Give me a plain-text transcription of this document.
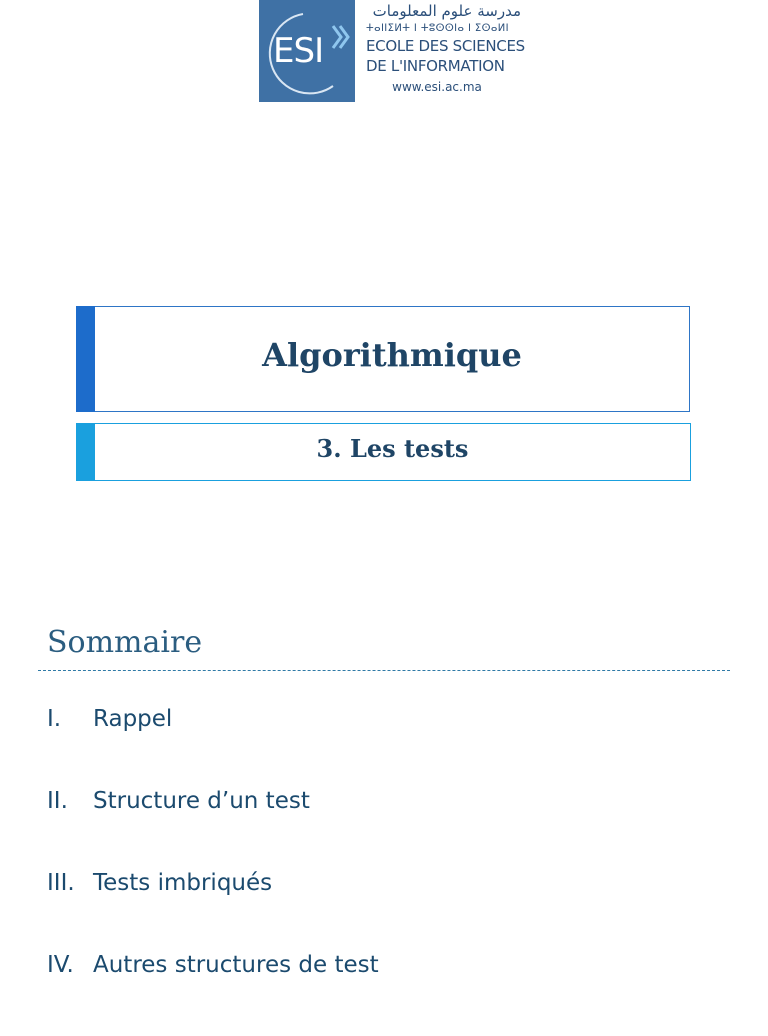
ESI
مدرسة علوم المعلومات
ⵜⴰⵏⵏⵉⵍⵜ ⵏ ⵜⵓⵙⵙⵏⴰ ⵏ ⵉⵙⴰⵍⵏ
ECOLE DES SCIENCES
DE L'INFORMATION
www.esi.ac.ma
Algorithmique
3. Les tests
Sommaire
I.	Rappel
II.	Structure d’un test
III. Tests imbriqués
IV. Autres structures de test
